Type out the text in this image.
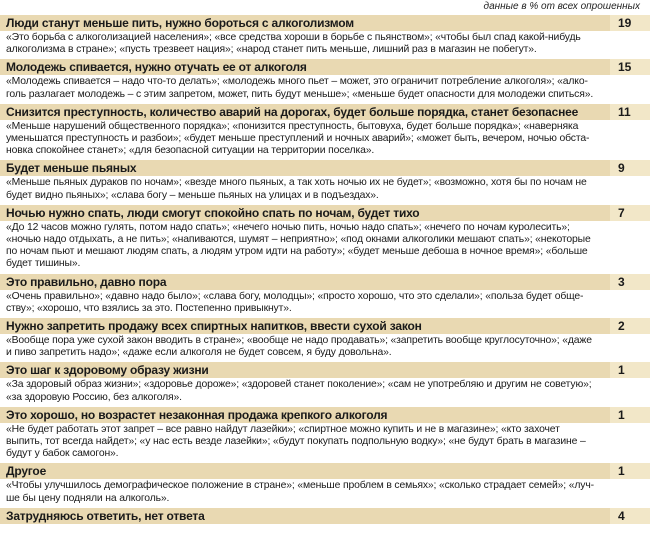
данные в % от всех опрошенных
Люди станут меньше пить, нужно бороться с алкоголизмом	19
«Это борьба с алкоголизацией населения»; «все средства хороши в борьбе с пьянством»; «чтобы был спад какой-нибудь
алкоголизма в стране»; «пусть трезвеет нация»; «народ станет пить меньше, лишний раз в магазин не побегут».
Молодежь спивается, нужно отучать ее от алкоголя	15
«Молодежь спивается – надо что-то делать»; «молодежь много пьет – может, это ограничит потребление алкоголя»; «алко-
голь разлагает молодежь – с этим запретом, может, пить будут меньше»; «меньше будет опасности для молодежи спиться».
Снизится преступность, количество аварий на дорогах, будет больше порядка, станет безопаснее	11
«Меньше нарушений общественного порядка»; «понизится преступность, бытовуха, будет больше порядка»; «наверняка
уменьшатся преступность и разбои»; «будет меньше преступлений и ночных аварий»; «может быть, вечером, ночью обста-
новка спокойнее станет»; «для безопасной ситуации на территории поселка».
Будет меньше пьяных	9
«Меньше пьяных дураков по ночам»; «везде много пьяных, а так хоть ночью их не будет»; «возможно, хотя бы по ночам не
будет видно пьяных»; «слава богу – меньше пьяных на улицах и в подъездах».
Ночью нужно спать, люди смогут спокойно спать по ночам, будет тихо	7
«До 12 часов можно гулять, потом надо спать»; «нечего ночью пить, ночью надо спать»; «нечего по ночам куролесить»;
«ночью надо отдыхать, а не пить»; «напиваются, шумят – неприятно»; «под окнами алкоголики мешают спать»; «некоторые
по ночам пьют и мешают людям спать, а людям утром идти на работу»; «будет меньше дебоша в ночное время»; «больше
будет тишины».
Это правильно, давно пора	3
«Очень правильно»; «давно надо было»; «слава богу, молодцы»; «просто хорошо, что это сделали»; «польза будет обще-
ству»; «хорошо, что взялись за это. Постепенно привыкнут».
Нужно запретить продажу всех спиртных напитков, ввести сухой закон	2
«Вообще пора уже сухой закон вводить в стране»; «вообще не надо продавать»; «запретить вообще круглосуточно»; «даже
и пиво запретить надо»; «даже если алкоголя не будет совсем, я буду довольна».
Это шаг к здоровому образу жизни	1
«За здоровый образ жизни»; «здоровье дороже»; «здоровей станет поколение»; «сам не употребляю и другим не советую»;
«за здоровую Россию, без алкоголя».
Это хорошо, но возрастет незаконная продажа крепкого алкоголя	1
«Не будет работать этот запрет – все равно найдут лазейки»; «спиртное можно купить и не в магазине»; «кто захочет
выпить, тот всегда найдет»; «у нас есть везде лазейки»; «будут покупать подпольную водку»; «не будут брать в магазине –
будут у бабок самогон».
Другое	1
«Чтобы улучшилось демографическое положение в стране»; «меньше проблем в семьях»; «сколько страдает семей»; «луч-
ше бы цену подняли на алкоголь».
Затрудняюсь ответить, нет ответа	4
